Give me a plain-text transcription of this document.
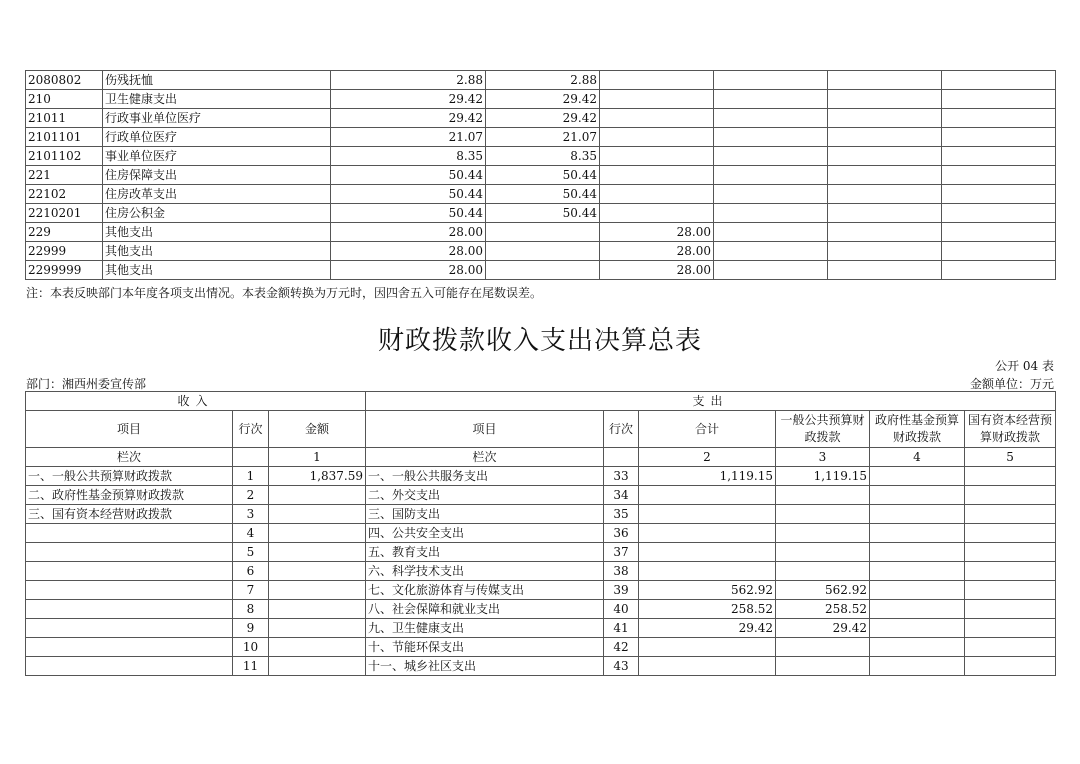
2080802	伤残抚恤	2.88	2.88				
210	卫生健康支出	29.42	29.42				
21011	行政事业单位医疗	29.42	29.42				
2101101	行政单位医疗	21.07	21.07				
2101102	事业单位医疗	8.35	8.35				
221	住房保障支出	50.44	50.44				
22102	住房改革支出	50.44	50.44				
2210201	住房公积金	50.44	50.44				
229	其他支出	28.00		28.00			
22999	其他支出	28.00		28.00			
2299999	其他支出	28.00		28.00			
注：本表反映部门本年度各项支出情况。本表金额转换为万元时，因四舍五入可能存在尾数误差。
财政拨款收入支出决算总表
公开 04 表
部门：湘西州委宣传部	金额单位：万元
收入			支出					
项目	行次	金额	项目	行次	合计	一般公共预算财政拨款	政府性基金预算财政拨款	国有资本经营预算财政拨款
栏次		1	栏次		2	3	4	5
一、一般公共预算财政拨款	1	1,837.59	一、一般公共服务支出	33	1,119.15	1,119.15		
二、政府性基金预算财政拨款	2		二、外交支出	34				
三、国有资本经营财政拨款	3		三、国防支出	35				
	4		四、公共安全支出	36				
	5		五、教育支出	37				
	6		六、科学技术支出	38				
	7		七、文化旅游体育与传媒支出	39	562.92	562.92		
	8		八、社会保障和就业支出	40	258.52	258.52		
	9		九、卫生健康支出	41	29.42	29.42		
	10		十、节能环保支出	42				
	11		十一、城乡社区支出	43				
